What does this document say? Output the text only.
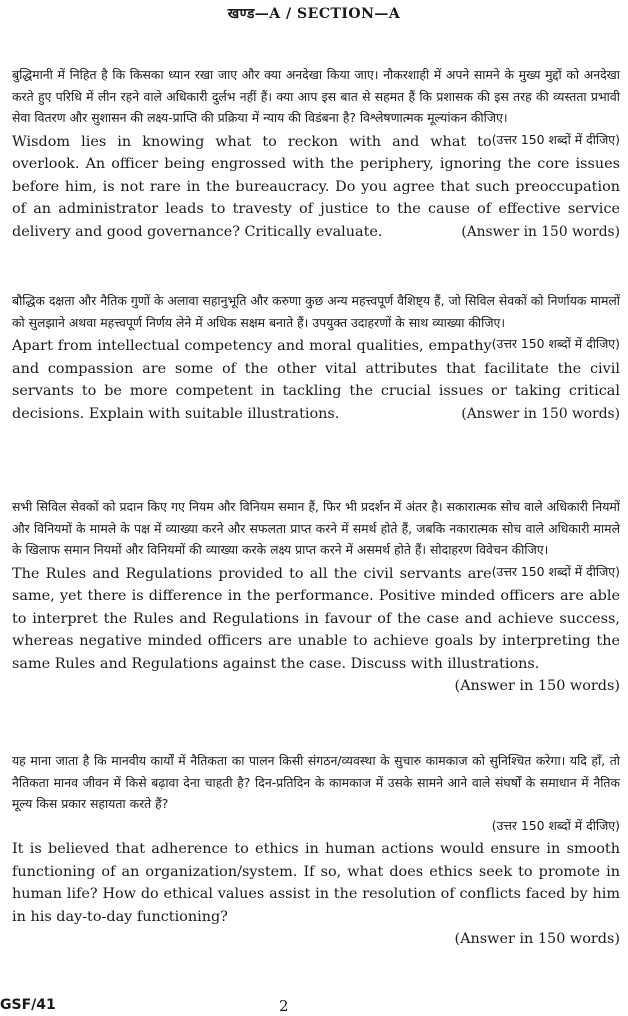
खण्ड—A / SECTION—A

बुद्धिमानी में निहित है कि किसका ध्यान रखा जाए और क्या अनदेखा किया जाए। नौकरशाही में अपने सामने के मुख्य मुद्दों को अनदेखा करते हुए परिधि में लीन रहने वाले अधिकारी दुर्लभ नहीं हैं। क्या आप इस बात से सहमत हैं कि प्रशासक की इस तरह की व्यस्तता प्रभावी सेवा वितरण और सुशासन की लक्ष्य-प्राप्ति की प्रक्रिया में न्याय की विडंबना है? विश्लेषणात्मक मूल्यांकन कीजिए।
(उत्तर 150 शब्दों में दीजिए)

Wisdom lies in knowing what to reckon with and what to overlook. An officer being engrossed with the periphery, ignoring the core issues before him, is not rare in the bureaucracy. Do you agree that such preoccupation of an administrator leads to travesty of justice to the cause of effective service delivery and good governance? Critically evaluate.	(Answer in 150 words)

बौद्धिक दक्षता और नैतिक गुणों के अलावा सहानुभूति और करुणा कुछ अन्य महत्त्वपूर्ण वैशिष्ट्य हैं, जो सिविल सेवकों को निर्णायक मामलों को सुलझाने अथवा महत्त्वपूर्ण निर्णय लेने में अधिक सक्षम बनाते हैं। उपयुक्त उदाहरणों के साथ व्याख्या कीजिए।
(उत्तर 150 शब्दों में दीजिए)

Apart from intellectual competency and moral qualities, empathy and compassion are some of the other vital attributes that facilitate the civil servants to be more competent in tackling the crucial issues or taking critical decisions. Explain with suitable illustrations.	(Answer in 150 words)

सभी सिविल सेवकों को प्रदान किए गए नियम और विनियम समान हैं, फिर भी प्रदर्शन में अंतर है। सकारात्मक सोच वाले अधिकारी नियमों और विनियमों के मामले के पक्ष में व्याख्या करने और सफलता प्राप्त करने में समर्थ होते हैं, जबकि नकारात्मक सोच वाले अधिकारी मामले के खिलाफ समान नियमों और विनियमों की व्याख्या करके लक्ष्य प्राप्त करने में असमर्थ होते हैं। सोदाहरण विवेचन कीजिए।
(उत्तर 150 शब्दों में दीजिए)

The Rules and Regulations provided to all the civil servants are same, yet there is difference in the performance. Positive minded officers are able to interpret the Rules and Regulations in favour of the case and achieve success, whereas negative minded officers are unable to achieve goals by interpreting the same Rules and Regulations against the case. Discuss with illustrations.

(Answer in 150 words)

यह माना जाता है कि मानवीय कार्यों में नैतिकता का पालन किसी संगठन/व्यवस्था के सुचारु कामकाज को सुनिश्चित करेगा। यदि हाँ, तो नैतिकता मानव जीवन में किसे बढ़ावा देना चाहती है? दिन-प्रतिदिन के कामकाज में उसके सामने आने वाले संघर्षों के समाधान में नैतिक मूल्य किस प्रकार सहायता करते हैं?

(उत्तर 150 शब्दों में दीजिए)

It is believed that adherence to ethics in human actions would ensure in smooth functioning of an organization/system. If so, what does ethics seek to promote in human life? How do ethical values assist in the resolution of conflicts faced by him in his day-to-day functioning?

(Answer in 150 words)
GSF/41	2
